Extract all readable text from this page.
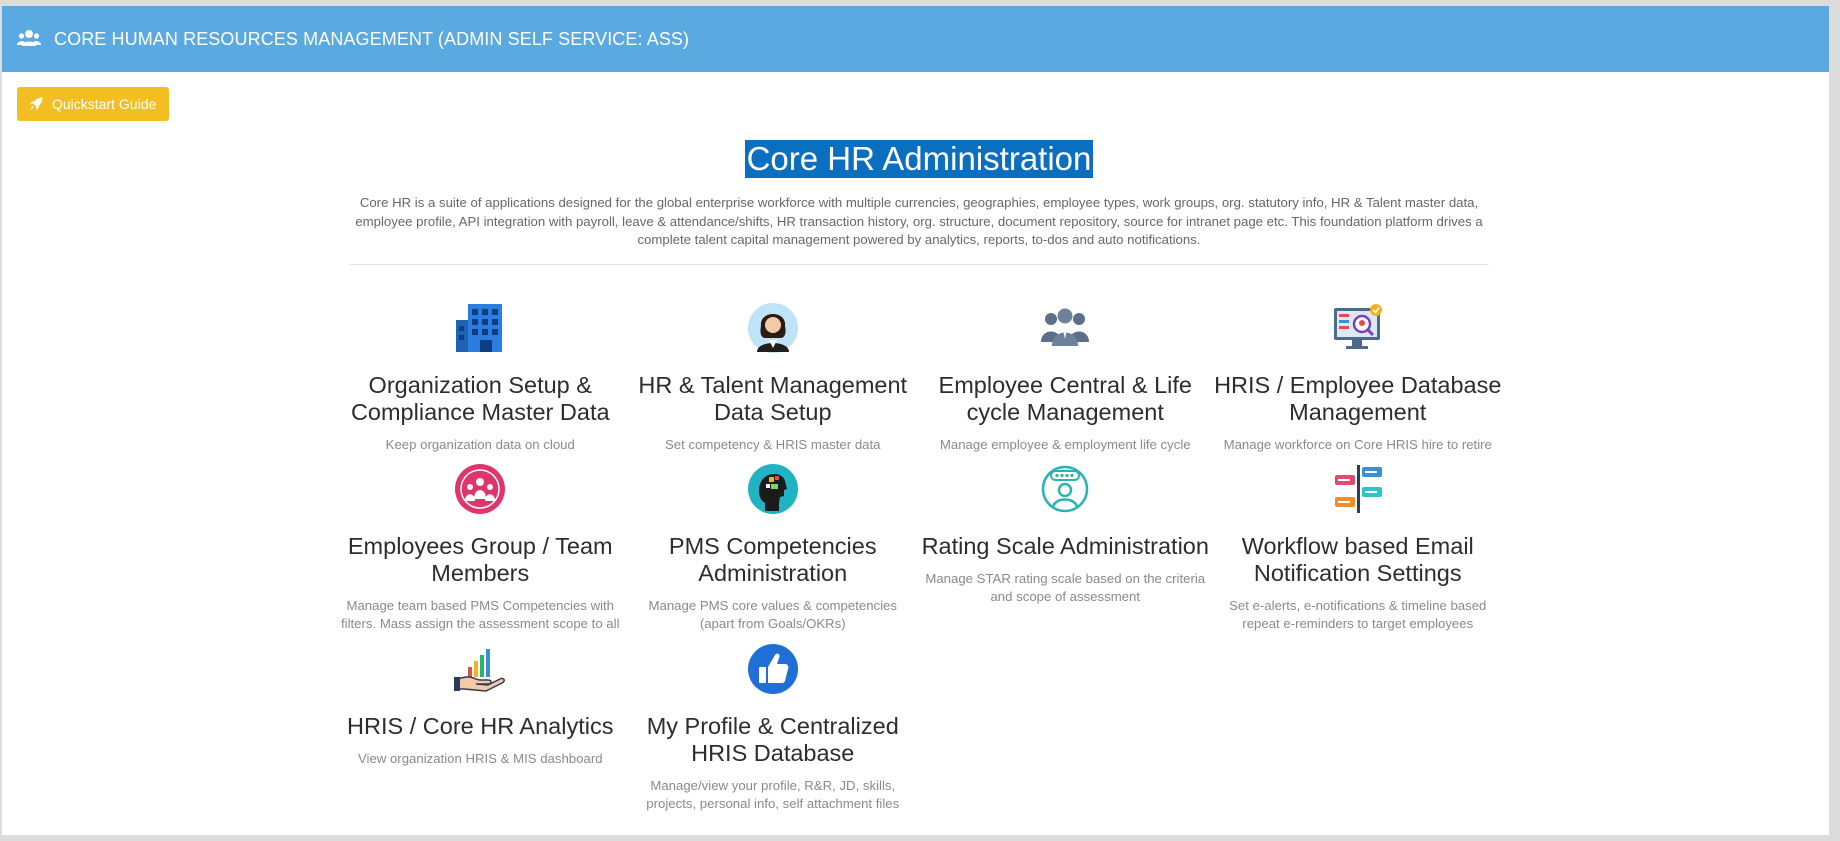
CORE HUMAN RESOURCES MANAGEMENT (ADMIN SELF SERVICE: ASS)
Quickstart Guide
Core HR Administration

Core HR is a suite of applications designed for the global enterprise workforce with multiple currencies, geographies, employee types, work groups, org. statutory info, HR & Talent master data, employee profile, API integration with payroll, leave & attendance/shifts, HR transaction history, org. structure, document repository, source for intranet page etc. This foundation platform drives a complete talent capital management powered by analytics, reports, to-dos and auto notifications.

Organization Setup & Compliance Master Data

Keep organization data on cloud

HR & Talent Management Data Setup

Set competency & HRIS master data

Employee Central & Life cycle Management

Manage employee & employment life cycle

HRIS / Employee Database Management

Manage workforce on Core HRIS hire to retire

Employees Group / Team Members

Manage team based PMS Competencies with filters. Mass assign the assessment scope to all

PMS Competencies Administration

Manage PMS core values & competencies (apart from Goals/OKRs)

Rating Scale Administration

Manage STAR rating scale based on the criteria and scope of assessment

Workflow based Email Notification Settings

Set e-alerts, e-notifications & timeline based repeat e-reminders to target employees

HRIS / Core HR Analytics

View organization HRIS & MIS dashboard

My Profile & Centralized HRIS Database

Manage/view your profile, R&R, JD, skills, projects, personal info, self attachment files
